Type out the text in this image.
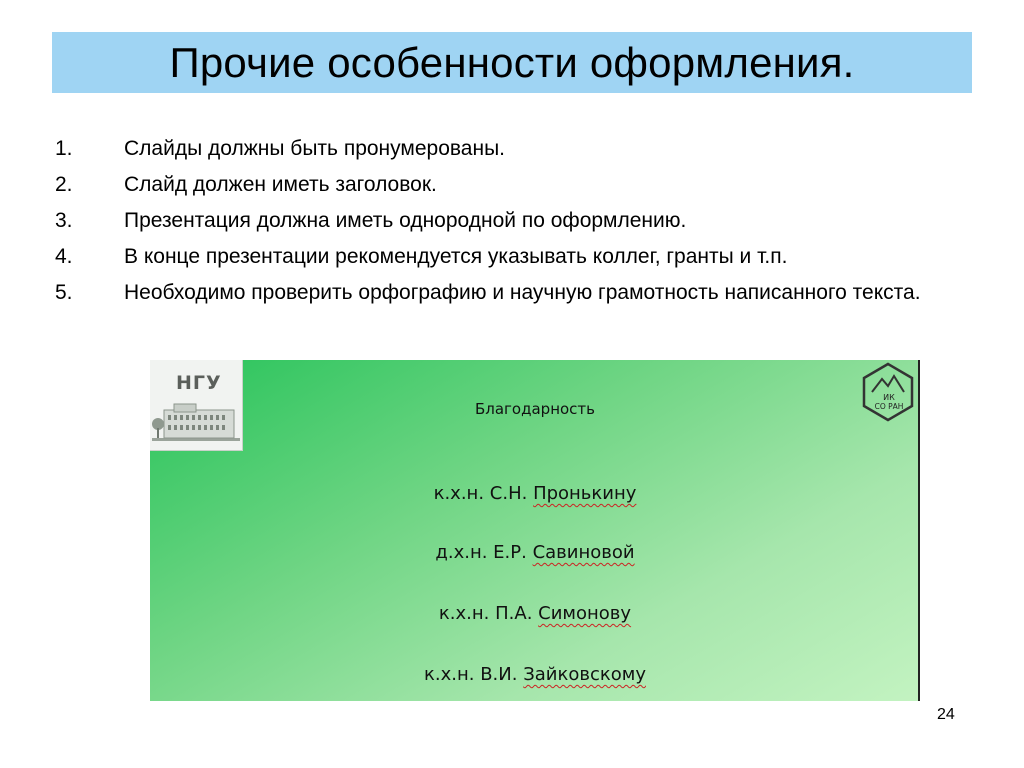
Прочие особенности оформления.
1.	Слайды должны быть пронумерованы.
2.	Слайд должен иметь заголовок.
3.	Презентация должна иметь однородной по оформлению.
4.	В конце презентации рекомендуется указывать коллег, гранты и т.п.
5.	Необходимо проверить орфографию и научную грамотность написанного текста.
НГУ
ИК
СО РАН
Благодарность
к.х.н. С.Н. Пронькину
д.х.н. Е.Р. Савиновой
к.х.н. П.А. Симонову
к.х.н. В.И. Зайковскому
24
